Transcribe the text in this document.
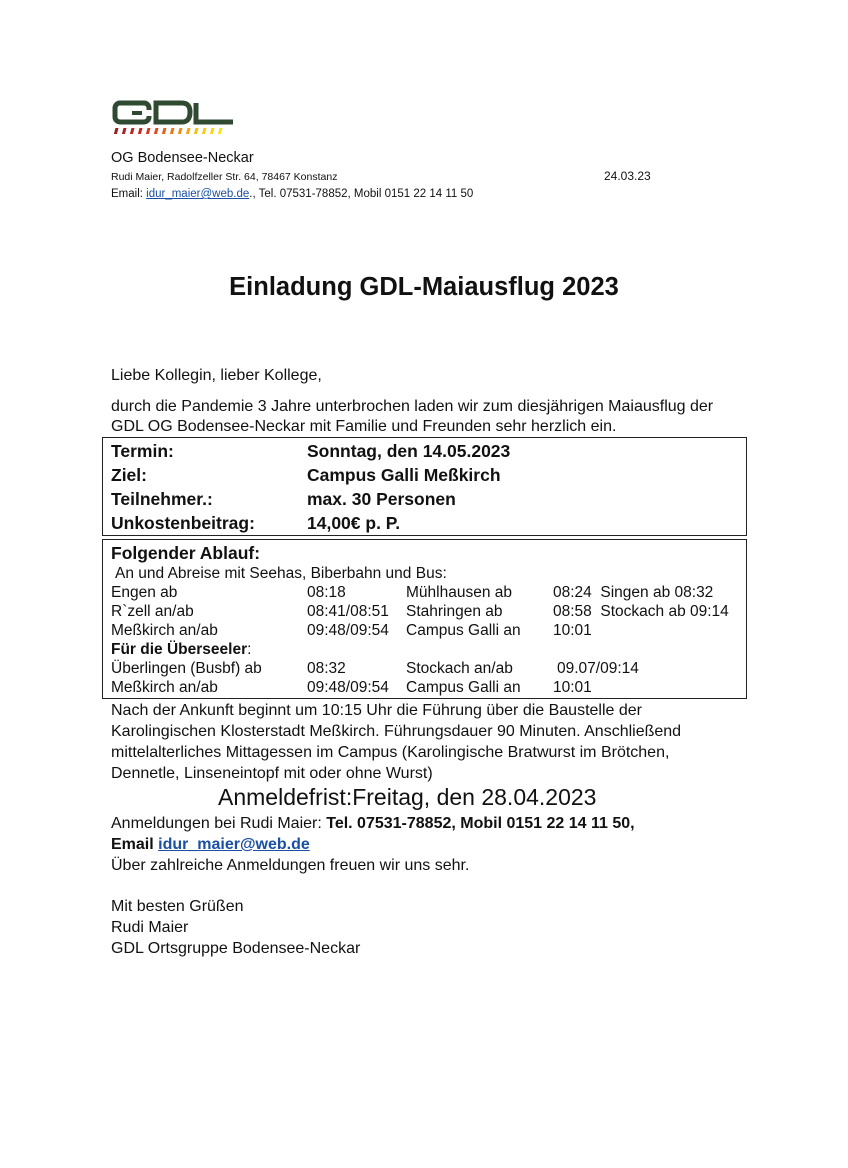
OG Bodensee-Neckar
Rudi Maier, Radolfzeller Str. 64, 78467 Konstanz
Email: idur_maier@web.de., Tel. 07531-78852, Mobil 0151 22 14 11 50
24.03.23
Einladung GDL-Maiausflug 2023
Liebe Kollegin, lieber Kollege,
durch die Pandemie 3 Jahre unterbrochen laden wir zum diesjährigen Maiausflug der
GDL OG Bodensee-Neckar mit Familie und Freunden sehr herzlich ein.
Termin:	Sonntag, den 14.05.2023
Ziel:	Campus Galli Meßkirch
Teilnehmer.:	max. 30 Personen
Unkostenbeitrag:	14,00€ p. P.
Folgender Ablauf:
An und Abreise mit Seehas, Biberbahn und Bus:
Engen ab	08:18	Mühlhausen ab	08:24  Singen ab 08:32
R`zell an/ab	08:41/08:51 Stahringen ab	08:58  Stockach ab 09:14
Meßkirch an/ab	09:48/09:54 Campus Galli an 10:01
Für die Überseeler:
Überlingen (Busbf) ab	08:32	Stockach an/ab	09.07/09:14
Meßkirch an/ab	09:48/09:54 Campus Galli an 10:01
Nach der Ankunft beginnt um 10:15 Uhr die Führung über die Baustelle der
Karolingischen Klosterstadt Meßkirch. Führungsdauer 90 Minuten. Anschließend
mittelalterliches Mittagessen im Campus (Karolingische Bratwurst im Brötchen,
Dennetle, Linseneintopf mit oder ohne Wurst)
Anmeldefrist:Freitag, den 28.04.2023
Anmeldungen bei Rudi Maier: Tel. 07531-78852, Mobil 0151 22 14 11 50,
Email idur_maier@web.de
Über zahlreiche Anmeldungen freuen wir uns sehr.
Mit besten Grüßen
Rudi Maier
GDL Ortsgruppe Bodensee-Neckar
